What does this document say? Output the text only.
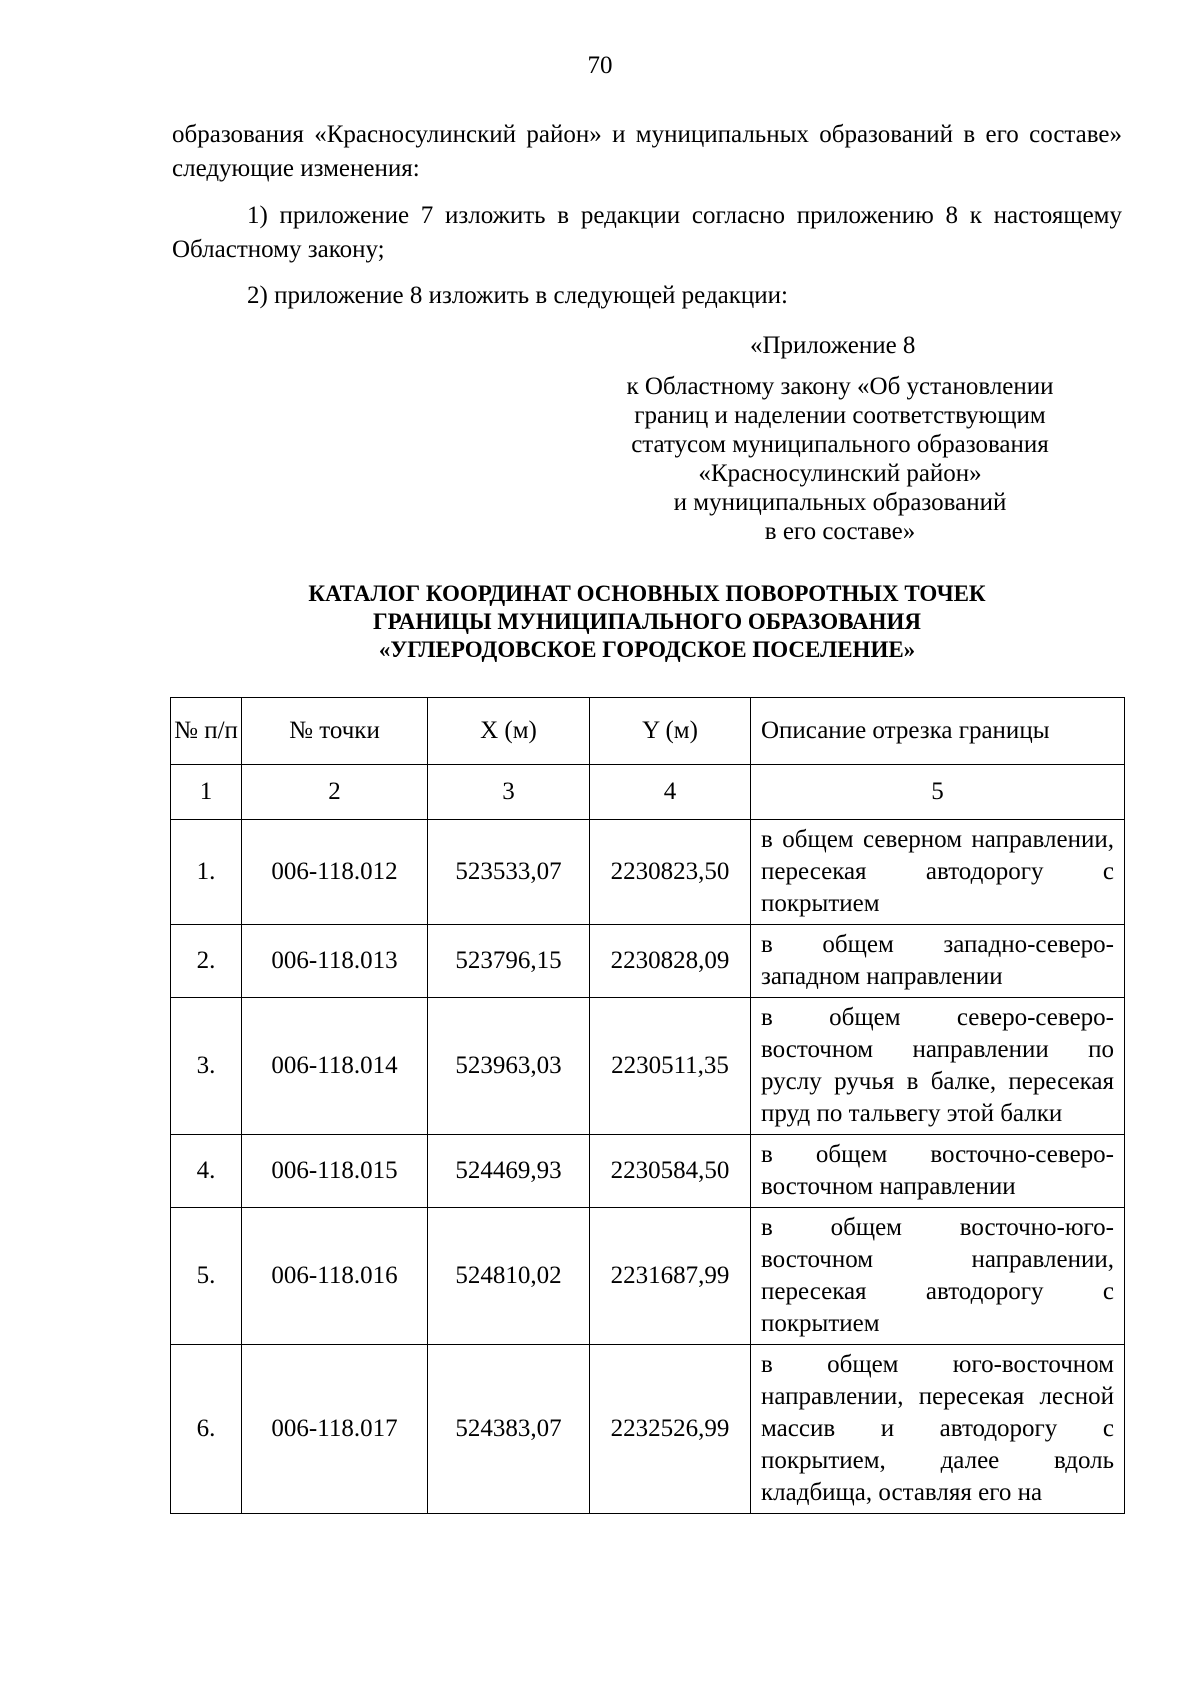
70
образования «Красносулинский район» и муниципальных образований в его составе» следующие изменения:
1) приложение 7 изложить в редакции согласно приложению 8 к настоящему Областному закону;
2) приложение 8 изложить в следующей редакции:
«Приложение 8
к Областному закону «Об установлении
границ и наделении соответствующим
статусом муниципального образования
«Красносулинский район»
и муниципальных образований
в его составе»
КАТАЛОГ КООРДИНАТ ОСНОВНЫХ ПОВОРОТНЫХ ТОЧЕК
ГРАНИЦЫ МУНИЦИПАЛЬНОГО ОБРАЗОВАНИЯ
«УГЛЕРОДОВСКОЕ ГОРОДСКОЕ ПОСЕЛЕНИЕ»
№ п/п	№ точки	X (м)	Y (м)	Описание отрезка границы
1	2	3	4	5
1.	006-118.012	523533,07	2230823,50	в общем северном направлении, пересекая автодорогу с покрытием
2.	006-118.013	523796,15	2230828,09	в общем западно-северо-западном направлении
3.	006-118.014	523963,03	2230511,35	в общем северо-северо-восточном направлении по руслу ручья в балке, пересекая пруд по тальвегу этой балки
4.	006-118.015	524469,93	2230584,50	в общем восточно-северо-восточном направлении
5.	006-118.016	524810,02	2231687,99	в общем восточно-юго-восточном направлении, пересекая автодорогу с покрытием
6.	006-118.017	524383,07	2232526,99	в общем юго-восточном направлении, пересекая лесной массив и автодорогу с покрытием, далее вдоль кладбища, оставляя его на
